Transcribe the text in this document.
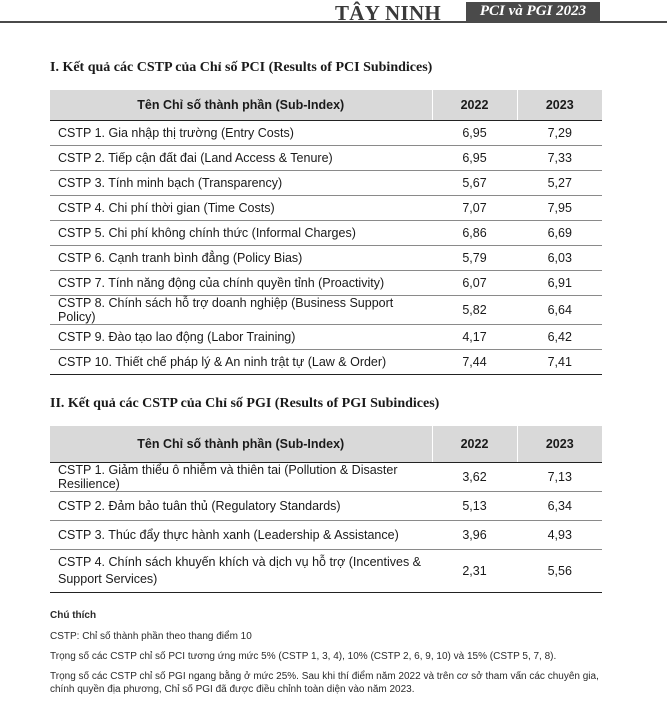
TÂY NINH	PCI và PGI 2023
I. Kết quả các CSTP của Chỉ số PCI (Results of PCI Subindices)
Tên Chỉ số thành phần (Sub-Index)	2022	2023
CSTP 1. Gia nhập thị trường (Entry Costs)	6,95	7,29
CSTP 2. Tiếp cận đất đai (Land Access & Tenure)	6,95	7,33
CSTP 3. Tính minh bạch (Transparency)	5,67	5,27
CSTP 4. Chi phí thời gian (Time Costs)	7,07	7,95
CSTP 5. Chi phí không chính thức (Informal Charges)	6,86	6,69
CSTP 6. Cạnh tranh bình đẳng (Policy Bias)	5,79	6,03
CSTP 7. Tính năng động của chính quyền tỉnh (Proactivity)	6,07	6,91
CSTP 8. Chính sách hỗ trợ doanh nghiệp (Business Support Policy)	5,82	6,64
CSTP 9. Đào tạo lao động (Labor Training)	4,17	6,42
CSTP 10. Thiết chế pháp lý & An ninh trật tự (Law & Order)	7,44	7,41
II. Kết quả các CSTP của Chỉ số PGI (Results of PGI Subindices)
Tên Chỉ số thành phần (Sub-Index)	2022	2023
CSTP 1. Giảm thiểu ô nhiễm và thiên tai (Pollution & Disaster Resilience)	3,62	7,13
CSTP 2. Đảm bảo tuân thủ (Regulatory Standards)	5,13	6,34
CSTP 3. Thúc đẩy thực hành xanh (Leadership & Assistance)	3,96	4,93
CSTP 4. Chính sách khuyến khích và dịch vụ hỗ trợ (Incentives & Support Services)	2,31	5,56
Chú thích
CSTP: Chỉ số thành phần theo thang điểm 10
Trọng số các CSTP chỉ số PCI tương ứng mức 5% (CSTP 1, 3, 4), 10% (CSTP 2, 6, 9, 10) và 15% (CSTP 5, 7, 8).
Trọng số các CSTP chỉ số PGI ngang bằng ở mức 25%. Sau khi thí điểm năm 2022 và trên cơ sở tham vấn các chuyên gia, chính quyền địa phương, Chỉ số PGI đã được điều chỉnh toàn diện vào năm 2023.
